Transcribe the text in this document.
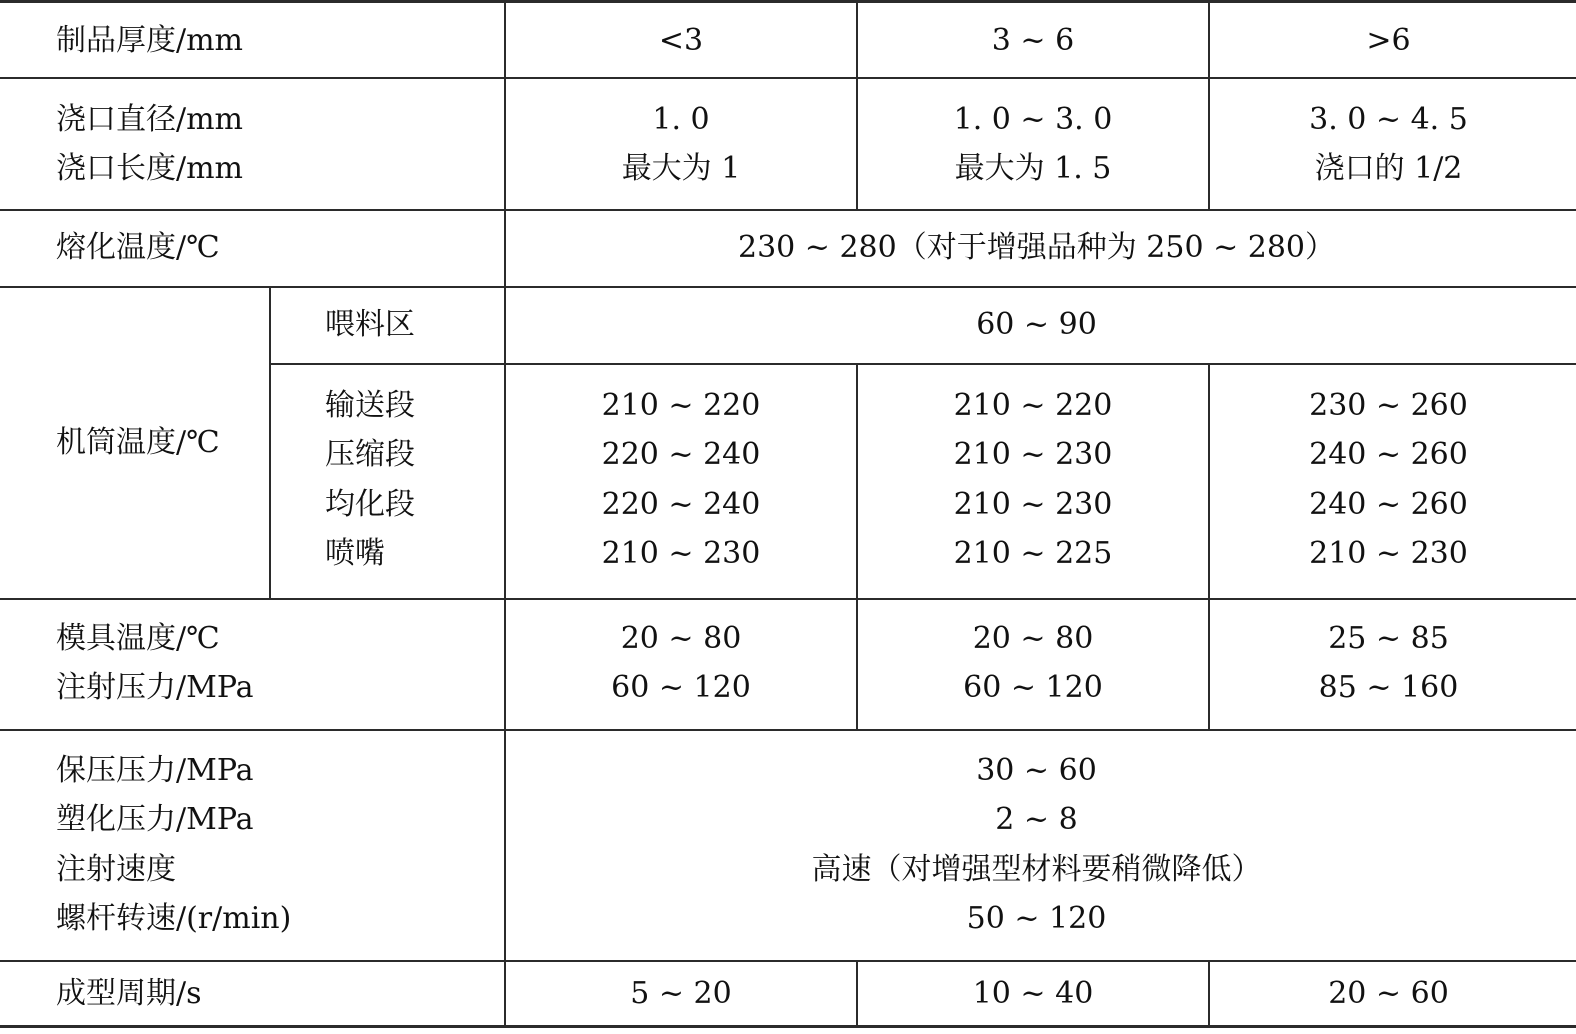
制品厚度/mm	<3	3 ~ 6	>6
浇口直径/mm	1. 0	1. 0 ~ 3. 0	3. 0 ~ 4. 5
浇口长度/mm	最大为 1	最大为 1. 5	浇口的 1/2
熔化温度/℃	230 ~ 280（对于增强品种为 250 ~ 280）
机筒温度/℃
喂料区	60 ~ 90
输送段	210 ~ 220	210 ~ 220	230 ~ 260
压缩段	220 ~ 240	210 ~ 230	240 ~ 260
均化段	220 ~ 240	210 ~ 230	240 ~ 260
喷嘴	210 ~ 230	210 ~ 225	210 ~ 230
模具温度/℃	20 ~ 80	20 ~ 80	25 ~ 85
注射压力/MPa	60 ~ 120	60 ~ 120	85 ~ 160
保压压力/MPa	30 ~ 60
塑化压力/MPa	2 ~ 8
注射速度	高速（对增强型材料要稍微降低）
螺杆转速/(r/min)	50 ~ 120
成型周期/s	5 ~ 20	10 ~ 40	20 ~ 60
